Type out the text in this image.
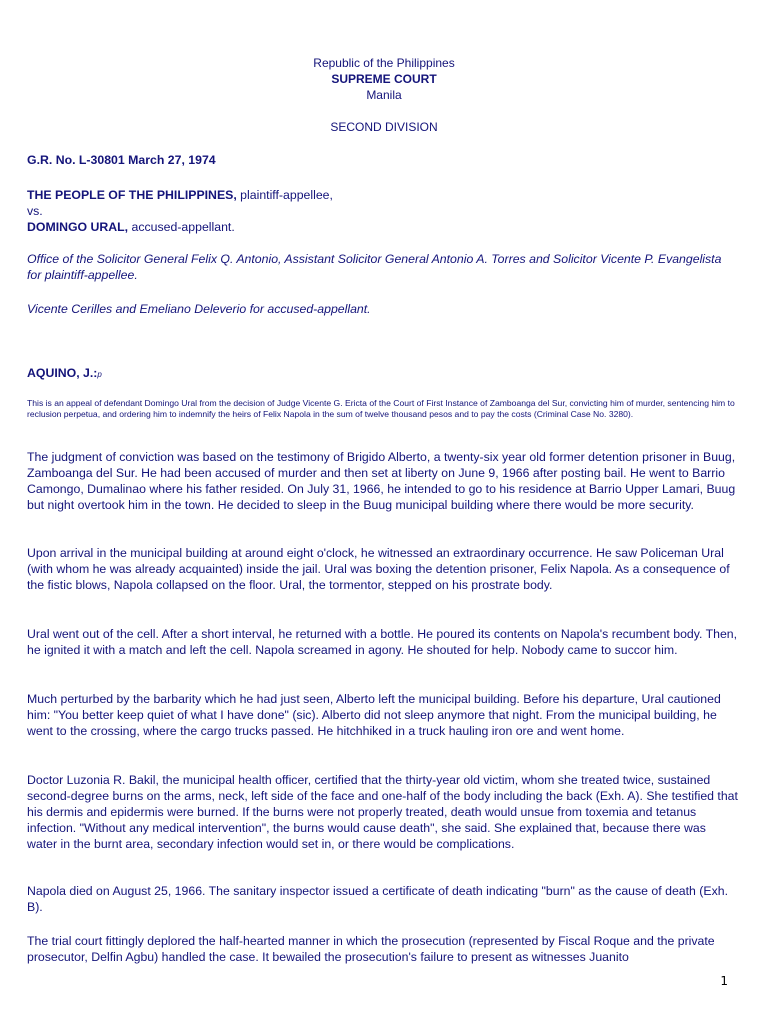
Republic of the Philippines
SUPREME COURT
Manila
SECOND DIVISION
G.R. No. L-30801 March 27, 1974
THE PEOPLE OF THE PHILIPPINES, plaintiff-appellee,
vs.
DOMINGO URAL, accused-appellant.
Office of the Solicitor General Felix Q. Antonio, Assistant Solicitor General Antonio A. Torres and Solicitor Vicente P. Evangelista for plaintiff-appellee.
Vicente Cerilles and Emeliano Deleverio for accused-appellant.
AQUINO, J.:p
This is an appeal of defendant Domingo Ural from the decision of Judge Vicente G. Ericta of the Court of First Instance of Zamboanga del Sur, convicting him of murder, sentencing him to reclusion perpetua, and ordering him to indemnify the heirs of Felix Napola in the sum of twelve thousand pesos and to pay the costs (Criminal Case No. 3280).
The judgment of conviction was based on the testimony of Brigido Alberto, a twenty-six year old former detention prisoner in Buug, Zamboanga del Sur. He had been accused of murder and then set at liberty on June 9, 1966 after posting bail. He went to Barrio Camongo, Dumalinao where his father resided. On July 31, 1966, he intended to go to his residence at Barrio Upper Lamari, Buug but night overtook him in the town. He decided to sleep in the Buug municipal building where there would be more security.
Upon arrival in the municipal building at around eight o'clock, he witnessed an extraordinary occurrence. He saw Policeman Ural (with whom he was already acquainted) inside the jail. Ural was boxing the detention prisoner, Felix Napola. As a consequence of the fistic blows, Napola collapsed on the floor. Ural, the tormentor, stepped on his prostrate body.
Ural went out of the cell. After a short interval, he returned with a bottle. He poured its contents on Napola's recumbent body. Then, he ignited it with a match and left the cell. Napola screamed in agony. He shouted for help. Nobody came to succor him.
Much perturbed by the barbarity which he had just seen, Alberto left the municipal building. Before his departure, Ural cautioned him: "You better keep quiet of what I have done" (sic). Alberto did not sleep anymore that night. From the municipal building, he went to the crossing, where the cargo trucks passed. He hitchhiked in a truck hauling iron ore and went home.
Doctor Luzonia R. Bakil, the municipal health officer, certified that the thirty-year old victim, whom she treated twice, sustained second-degree burns on the arms, neck, left side of the face and one-half of the body including the back (Exh. A). She testified that his dermis and epidermis were burned. If the burns were not properly treated, death would unsue from toxemia and tetanus infection. "Without any medical intervention", the burns would cause death", she said. She explained that, because there was water in the burnt area, secondary infection would set in, or there would be complications.
Napola died on August 25, 1966. The sanitary inspector issued a certificate of death indicating "burn" as the cause of death (Exh. B).
The trial court fittingly deplored the half-hearted manner in which the prosecution (represented by Fiscal Roque and the private prosecutor, Delfin Agbu) handled the case. It bewailed the prosecution's failure to present as witnesses Juanito
1
